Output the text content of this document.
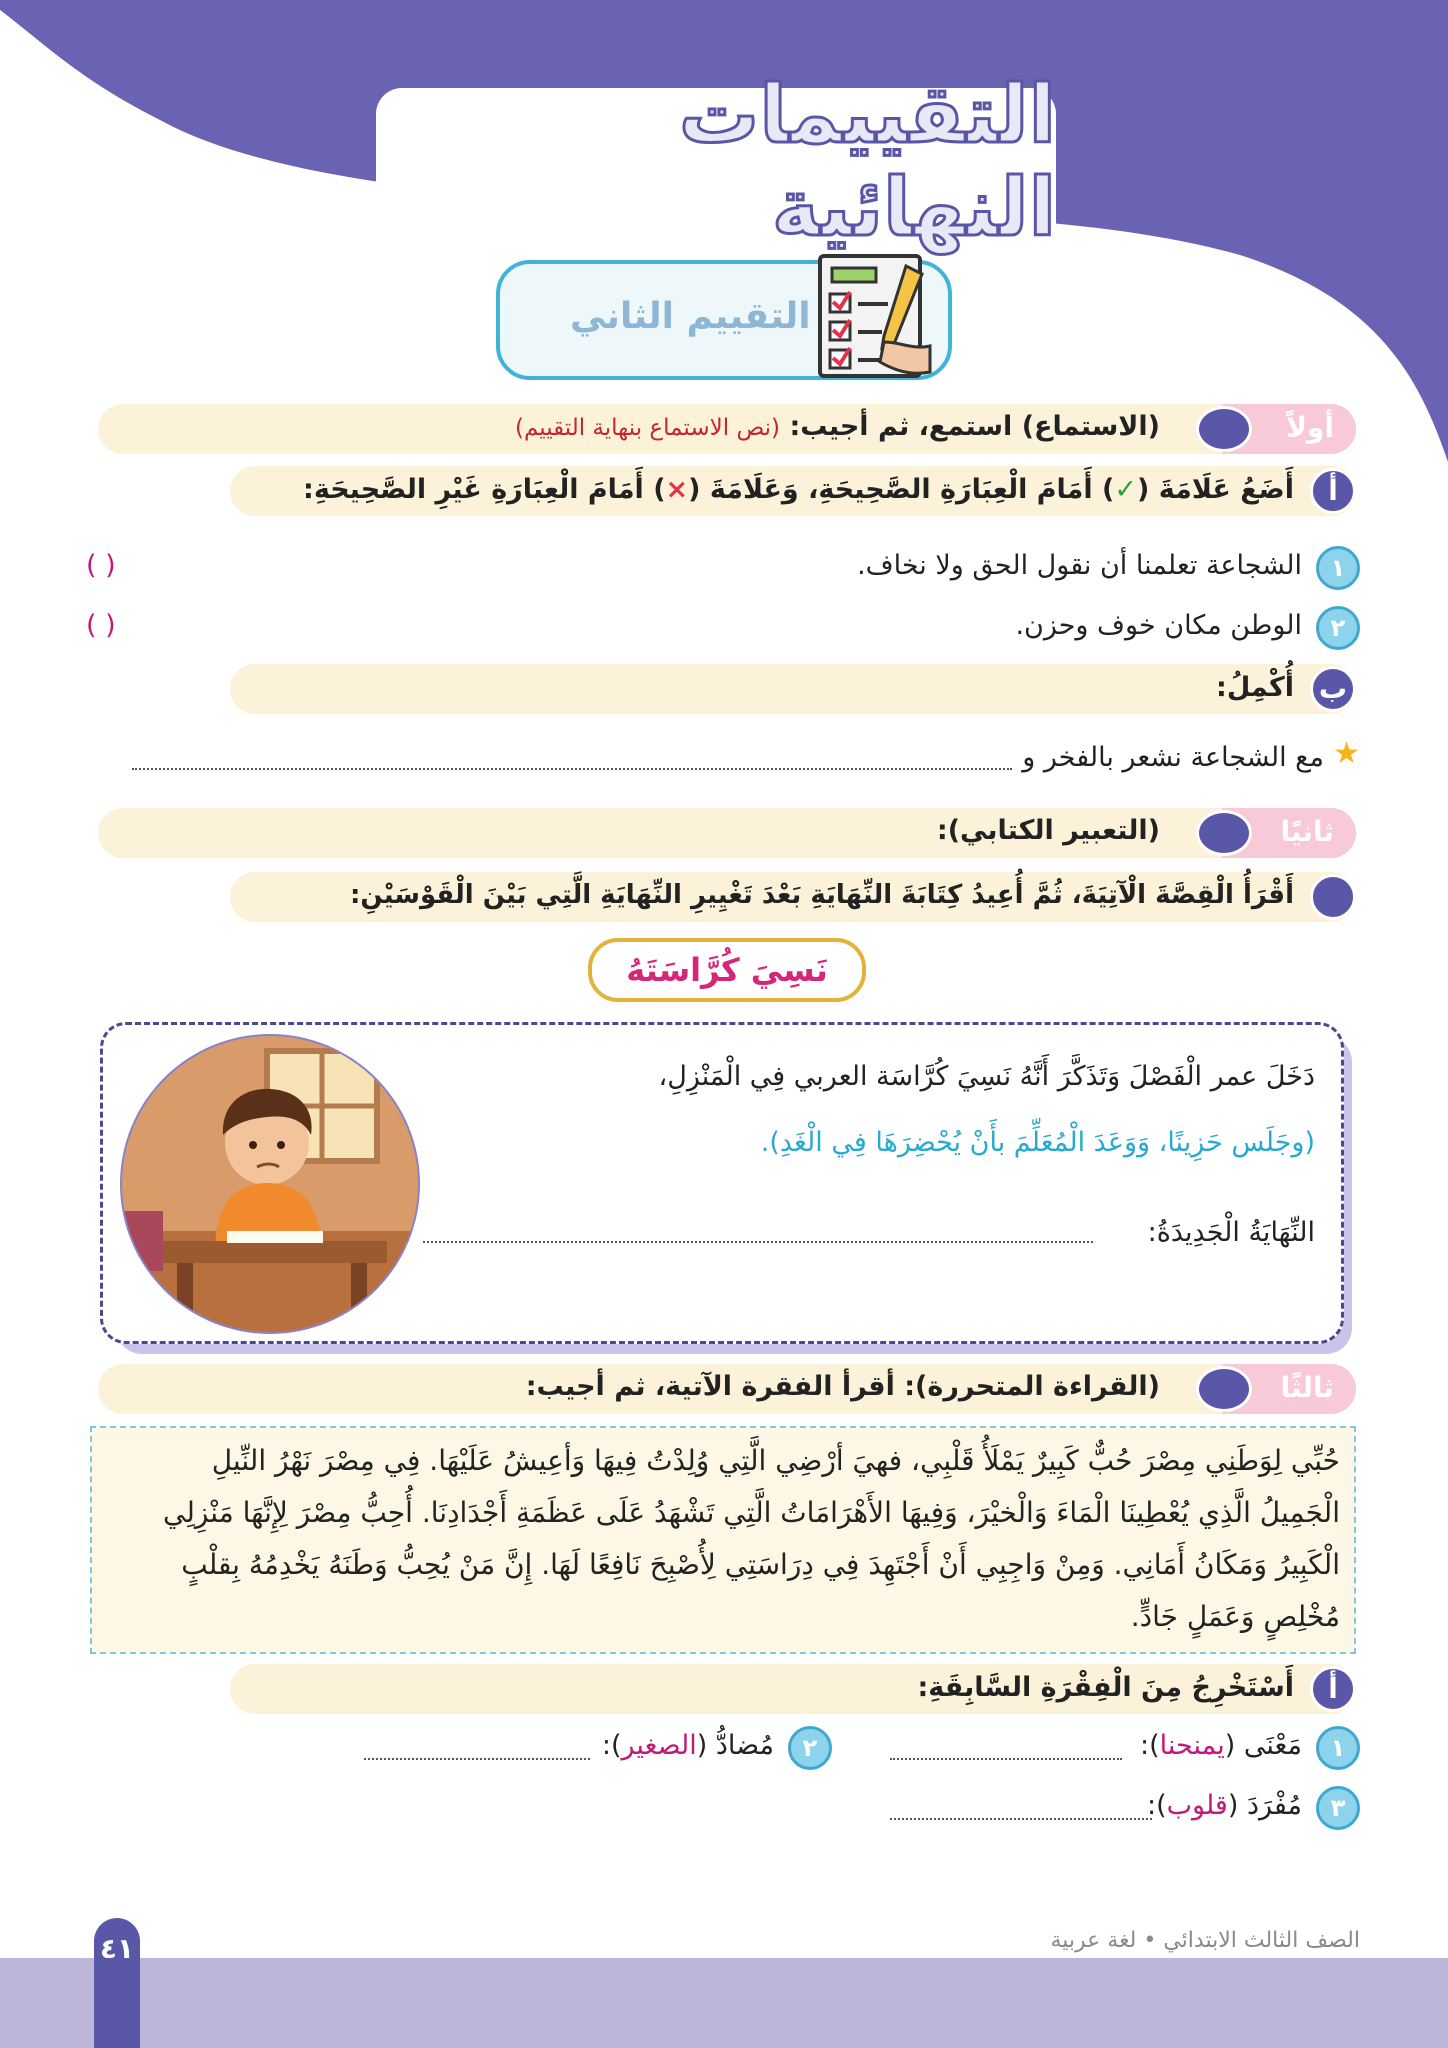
التقييمات النهائية
التقييم الثاني
أولاً
(الاستماع) استمع، ثم أجيب: (نص الاستماع بنهاية التقييم)
أ
أَضَعُ عَلَامَةَ (✓) أَمَامَ الْعِبَارَةِ الصَّحِيحَةِ، وَعَلَامَةَ (×) أَمَامَ الْعِبَارَةِ غَيْرِ الصَّحِيحَةِ:
١
الشجاعة تعلمنا أن نقول الحق ولا نخاف.
( )
٢
الوطن مكان خوف وحزن.
( )
ب
أُكْمِلُ:
★
مع الشجاعة نشعر بالفخر و
ثانيًا
(التعبير الكتابي):
أَقْرَأُ الْقِصَّةَ الْآتِيَةَ، ثُمَّ أُعِيدُ كِتَابَةَ النِّهَايَةِ بَعْدَ تَغْيِيرِ النِّهَايَةِ الَّتِي بَيْنَ الْقَوْسَيْنِ:
نَسِيَ كُرَّاسَتَهُ
دَخَلَ عمر الْفَصْلَ وَتَذَكَّرَ أَنَّهُ نَسِيَ كُرَّاسَة العربي فِي الْمَنْزِلِ،
(وجَلَس حَزِينًا، وَوَعَدَ الْمُعَلِّمَ بأَنْ يُحْضِرَهَا فِي الْغَدِ).
النِّهَايَةُ الْجَدِيدَةُ:
ثالثًا
(القراءة المتحررة): أقرأ الفقرة الآتية، ثم أجيب:
حُبِّي لِوَطَنِي مِصْرَ حُبٌّ كَبِيرٌ يَمْلَأُ قَلْبِي، فهيَ أرْضِي الَّتِي وُلِدْتُ فِيهَا وَأعِيشُ عَلَيْهَا. فِي مِصْرَ نَهْرُ النِّيلِ
الْجَمِيلُ الَّذِي يُعْطِينَا الْمَاءَ وَالْخيْرَ، وَفِيهَا الأَهْرَامَاتُ الَّتِي تَشْهَدُ عَلَى عَظَمَةِ أَجْدَادِنَا. أُحِبُّ مِصْرَ لِإِنَّهَا مَنْزِلِي
الْكَبِيرُ وَمَكَانُ أَمَانِي. وَمِنْ وَاجِبِي أَنْ أَجْتَهِدَ فِي دِرَاسَتِي لِأُصْبِحَ نَافِعًا لَهَا. إِنَّ مَنْ يُحِبُّ وَطَنَهُ يَخْدِمُهُ بِقلْبٍ
مُخْلِصٍ وَعَمَلٍ جَادٍّ.
أ
أَسْتَخْرِجُ مِنَ الْفِقْرَةِ السَّابِقَةِ:
١
مَعْنَى (يمنحنا):
٢
مُضادُّ (الصغير):
٣
مُفْرَدَ (قلوب):
الصف الثالث الابتدائي • لغة عربية
٤١
